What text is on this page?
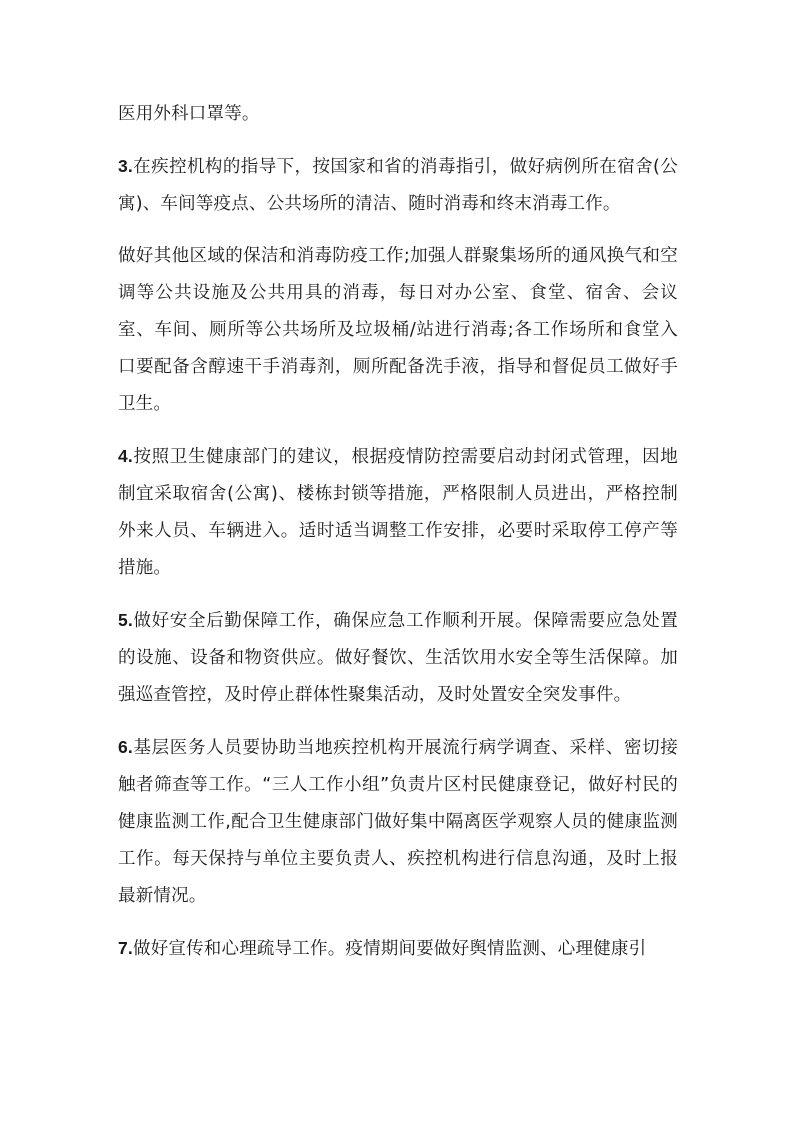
医用外科口罩等。

3.在疾控机构的指导下，按国家和省的消毒指引，做好病例所在宿舍(公寓)、车间等疫点、公共场所的清洁、随时消毒和终末消毒工作。

做好其他区域的保洁和消毒防疫工作;加强人群聚集场所的通风换气和空调等公共设施及公共用具的消毒，每日对办公室、食堂、宿舍、会议室、车间、厕所等公共场所及垃圾桶/站进行消毒;各工作场所和食堂入口要配备含醇速干手消毒剂，厕所配备洗手液，指导和督促员工做好手卫生。

4.按照卫生健康部门的建议，根据疫情防控需要启动封闭式管理，因地制宜采取宿舍(公寓)、楼栋封锁等措施，严格限制人员进出，严格控制外来人员、车辆进入。适时适当调整工作安排，必要时采取停工停产等措施。

5.做好安全后勤保障工作，确保应急工作顺利开展。保障需要应急处置的设施、设备和物资供应。做好餐饮、生活饮用水安全等生活保障。加强巡查管控，及时停止群体性聚集活动，及时处置安全突发事件。

6.基层医务人员要协助当地疾控机构开展流行病学调查、采样、密切接触者筛查等工作。“三人工作小组”负责片区村民健康登记，做好村民的健康监测工作,配合卫生健康部门做好集中隔离医学观察人员的健康监测工作。每天保持与单位主要负责人、疾控机构进行信息沟通，及时上报最新情况。

7.做好宣传和心理疏导工作。疫情期间要做好舆情监测、心理健康引
